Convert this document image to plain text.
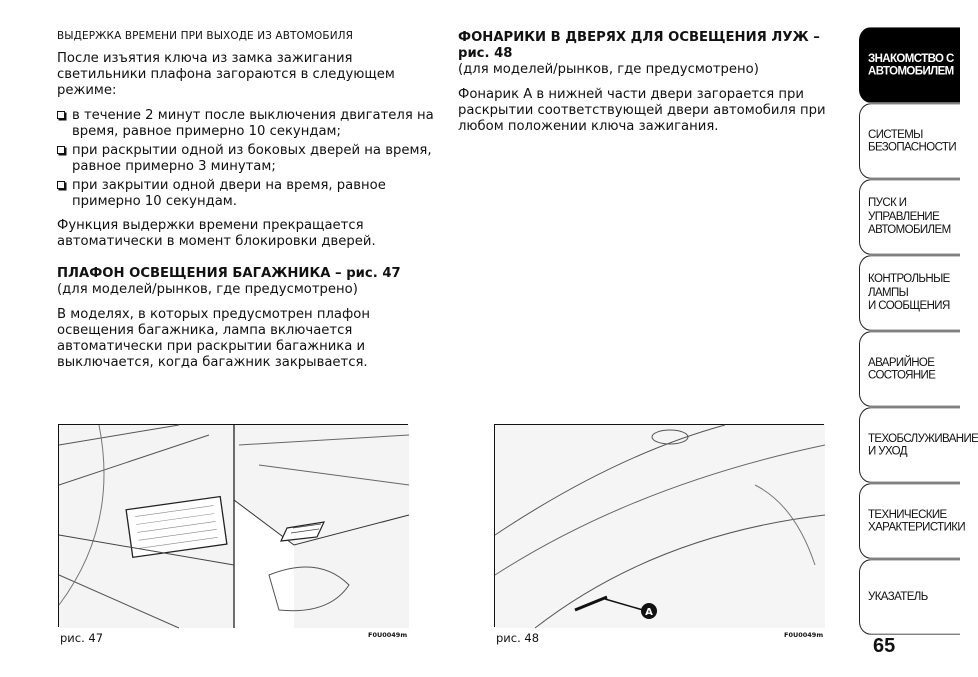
ВЫДЕРЖКА ВРЕМЕНИ ПРИ ВЫХОДЕ ИЗ АВТОМОБИЛЯ

После изъятия ключа из замка зажигания светильники плафона загораются в следующем режиме:

в течение 2 минут после выключения двигателя на время, равное примерно 10 секундам;

при раскрытии одной из боковых дверей на время, равное примерно 3 минутам;

при закрытии одной двери на время, равное примерно 10 секундам.

Функция выдержки времени прекращается автоматически в момент блокировки дверей.

ПЛАФОН ОСВЕЩЕНИЯ БАГАЖНИКА – рис. 47
(для моделей/рынков, где предусмотрено)

В моделях, в которых предусмотрен плафон освещения багажника, лампа включается автоматически при раскрытии багажника и выключается, когда багажник закрывается.

ФОНАРИКИ В ДВЕРЯХ ДЛЯ ОСВЕЩЕНИЯ ЛУЖ – рис. 48
(для моделей/рынков, где предусмотрено)

Фонарик А в нижней части двери загорается при раскрытии соответствующей двери автомобиля при любом положении ключа зажигания.

рис. 47	F0U0049m
A
рис. 48	F0U0049m
ЗНАКОМСТВО С
АВТОМОБИЛЕМ
СИСТЕМЫ
БЕЗОПАСНОСТИ
ПУСК И УПРАВЛЕНИЕ
АВТОМОБИЛЕМ
КОНТРОЛЬНЫЕ
ЛАМПЫ
И СООБЩЕНИЯ
АВАРИЙНОЕ
СОСТОЯНИЕ
ТЕХОБСЛУЖИВАНИЕ
И УХОД
ТЕХНИЧЕСКИЕ
ХАРАКТЕРИСТИКИ
УКАЗАТЕЛЬ
65
